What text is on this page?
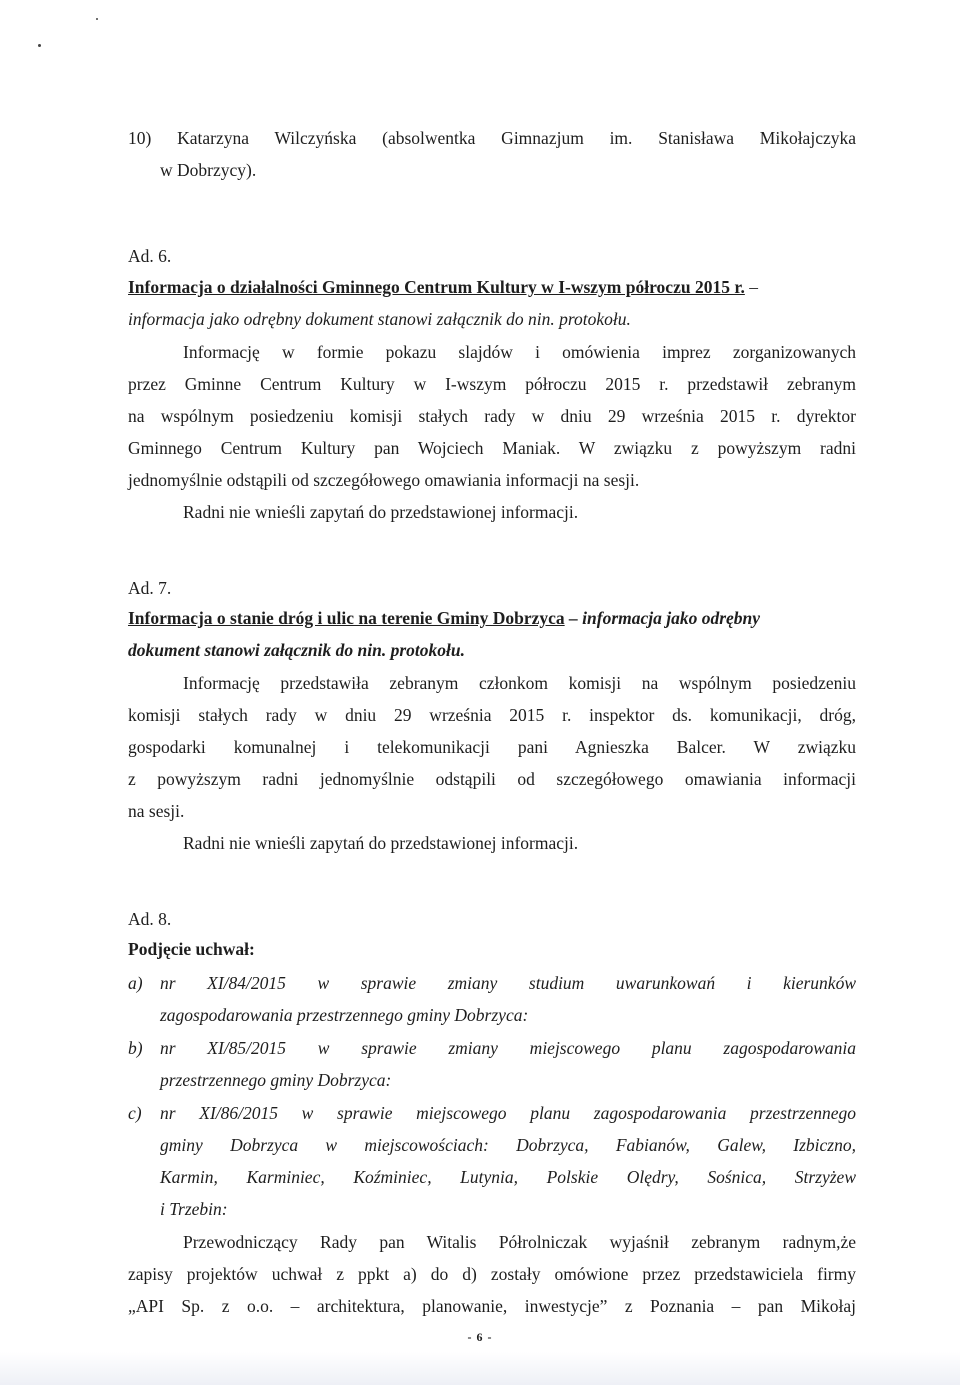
10) Katarzyna Wilczyńska (absolwentka Gimnazjum im. Stanisława Mikołajczyka
w Dobrzycy).
Ad. 6.
Informacja o działalności Gminnego Centrum Kultury w I-wszym półroczu 2015 r. –
informacja jako odrębny dokument stanowi załącznik do nin. protokołu.
Informację w formie pokazu slajdów i omówienia imprez zorganizowanych
przez Gminne Centrum Kultury w I-wszym półroczu 2015 r. przedstawił zebranym
na wspólnym posiedzeniu komisji stałych rady w dniu 29 września 2015 r. dyrektor
Gminnego Centrum Kultury pan Wojciech Maniak. W związku z powyższym radni
jednomyślnie odstąpili od szczegółowego omawiania informacji na sesji.
Radni nie wnieśli zapytań do przedstawionej informacji.
Ad. 7.
Informacja o stanie dróg i ulic na terenie Gminy Dobrzyca – informacja jako odrębny
dokument stanowi załącznik do nin. protokołu.
Informację przedstawiła zebranym członkom komisji na wspólnym posiedzeniu
komisji stałych rady w dniu 29 września 2015 r. inspektor ds. komunikacji, dróg,
gospodarki komunalnej i telekomunikacji pani Agnieszka Balcer. W związku
z powyższym radni jednomyślnie odstąpili od szczegółowego omawiania informacji
na sesji.
Radni nie wnieśli zapytań do przedstawionej informacji.
Ad. 8.
Podjęcie uchwał:
a) nr XI/84/2015 w sprawie zmiany studium uwarunkowań i kierunków
zagospodarowania przestrzennego gminy Dobrzyca:
b) nr XI/85/2015 w sprawie zmiany miejscowego planu zagospodarowania
przestrzennego gminy Dobrzyca:
c) nr XI/86/2015 w sprawie miejscowego planu zagospodarowania przestrzennego
gminy Dobrzyca w miejscowościach: Dobrzyca, Fabianów, Galew, Izbiczno,
Karmin, Karminiec, Koźminiec, Lutynia, Polskie Olędry, Sośnica, Strzyżew
i Trzebin:
Przewodniczący Rady pan Witalis Półrolniczak wyjaśnił zebranym radnym,że
zapisy projektów uchwał z ppkt a) do d) zostały omówione przez przedstawiciela firmy
„API Sp. z o.o. – architektura, planowanie, inwestycje” z Poznania – pan Mikołaj
- 6 -
